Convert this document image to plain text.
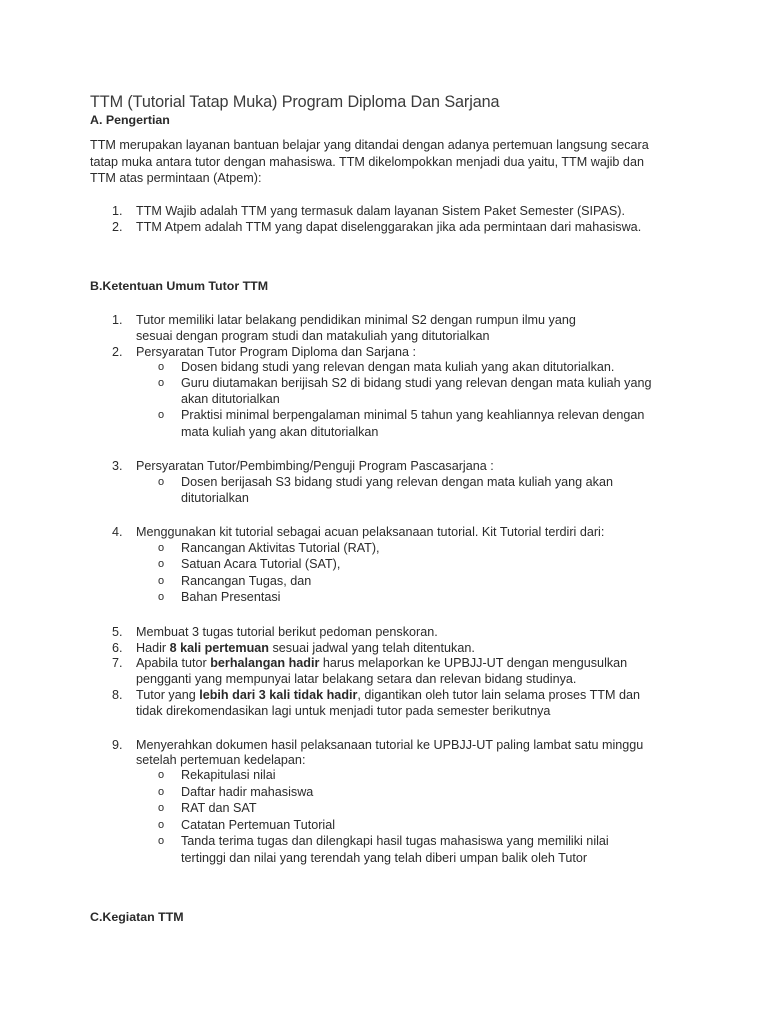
TTM (Tutorial Tatap Muka) Program Diploma Dan Sarjana
A. Pengertian
TTM merupakan layanan bantuan belajar yang ditandai dengan adanya pertemuan langsung secara
tatap muka antara tutor dengan mahasiswa. TTM dikelompokkan menjadi dua yaitu, TTM wajib dan
TTM atas permintaan (Atpem):
1.	TTM Wajib adalah TTM yang termasuk dalam layanan Sistem Paket Semester (SIPAS).
2.	TTM Atpem adalah TTM yang dapat diselenggarakan jika ada permintaan dari mahasiswa.
B.Ketentuan Umum Tutor TTM
1.	Tutor memiliki latar belakang pendidikan minimal S2 dengan rumpun ilmu yang
sesuai dengan program studi dan matakuliah yang ditutorialkan
2.	Persyaratan Tutor Program Diploma dan Sarjana :
o Dosen bidang studi yang relevan dengan mata kuliah yang akan ditutorialkan.
o Guru diutamakan berijisah S2 di bidang studi yang relevan dengan mata kuliah yang
akan ditutorialkan
o Praktisi minimal berpengalaman minimal 5 tahun yang keahliannya relevan dengan
mata kuliah yang akan ditutorialkan
3.	Persyaratan Tutor/Pembimbing/Penguji Program Pascasarjana :
o Dosen berijasah S3 bidang studi yang relevan dengan mata kuliah yang akan
ditutorialkan
4.	Menggunakan kit tutorial sebagai acuan pelaksanaan tutorial. Kit Tutorial terdiri dari:
o Rancangan Aktivitas Tutorial (RAT),
o Satuan Acara Tutorial (SAT),
o Rancangan Tugas, dan
o Bahan Presentasi
5.	Membuat 3 tugas tutorial berikut pedoman penskoran.
6.	Hadir 8 kali pertemuan sesuai jadwal yang telah ditentukan.
7.	Apabila tutor berhalangan hadir harus melaporkan ke UPBJJ-UT dengan mengusulkan
pengganti yang mempunyai latar belakang setara dan relevan bidang studinya.
8.	Tutor yang lebih dari 3 kali tidak hadir, digantikan oleh tutor lain selama proses TTM dan
tidak direkomendasikan lagi untuk menjadi tutor pada semester berikutnya
9.	Menyerahkan dokumen hasil pelaksanaan tutorial ke UPBJJ-UT paling lambat satu minggu
setelah pertemuan kedelapan:
o Rekapitulasi nilai
o Daftar hadir mahasiswa
o RAT dan SAT
o Catatan Pertemuan Tutorial
o Tanda terima tugas dan dilengkapi hasil tugas mahasiswa yang memiliki nilai
tertinggi dan nilai yang terendah yang telah diberi umpan balik oleh Tutor
C.Kegiatan TTM
